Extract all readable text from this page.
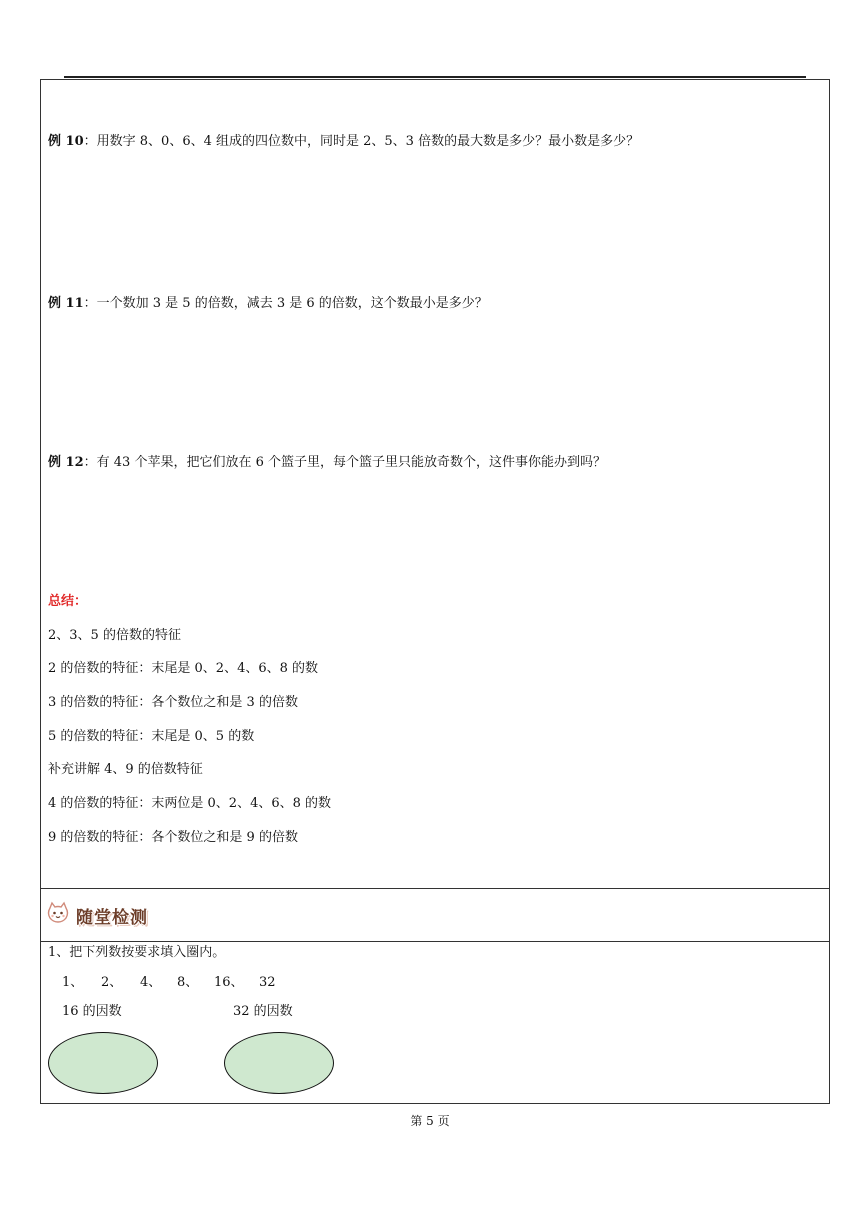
例 10：用数字 8、0、6、4 组成的四位数中，同时是 2、5、3 倍数的最大数是多少？最小数是多少？
例 11：一个数加 3 是 5 的倍数，减去 3 是 6 的倍数，这个数最小是多少？
例 12：有 43 个苹果，把它们放在 6 个篮子里，每个篮子里只能放奇数个，这件事你能办到吗？
总结：
2、3、5 的倍数的特征
2 的倍数的特征：末尾是 0、2、4、6、8 的数
3 的倍数的特征：各个数位之和是 3 的倍数
5 的倍数的特征：末尾是 0、5 的数
补充讲解 4、9 的倍数特征
4 的倍数的特征：末两位是 0、2、4、6、8 的数
9 的倍数的特征：各个数位之和是 9 的倍数
随堂检测
1、把下列数按要求填入圈内。
1、 2、 4、 8、 16、 32
16 的因数	32 的因数
第 5 页
